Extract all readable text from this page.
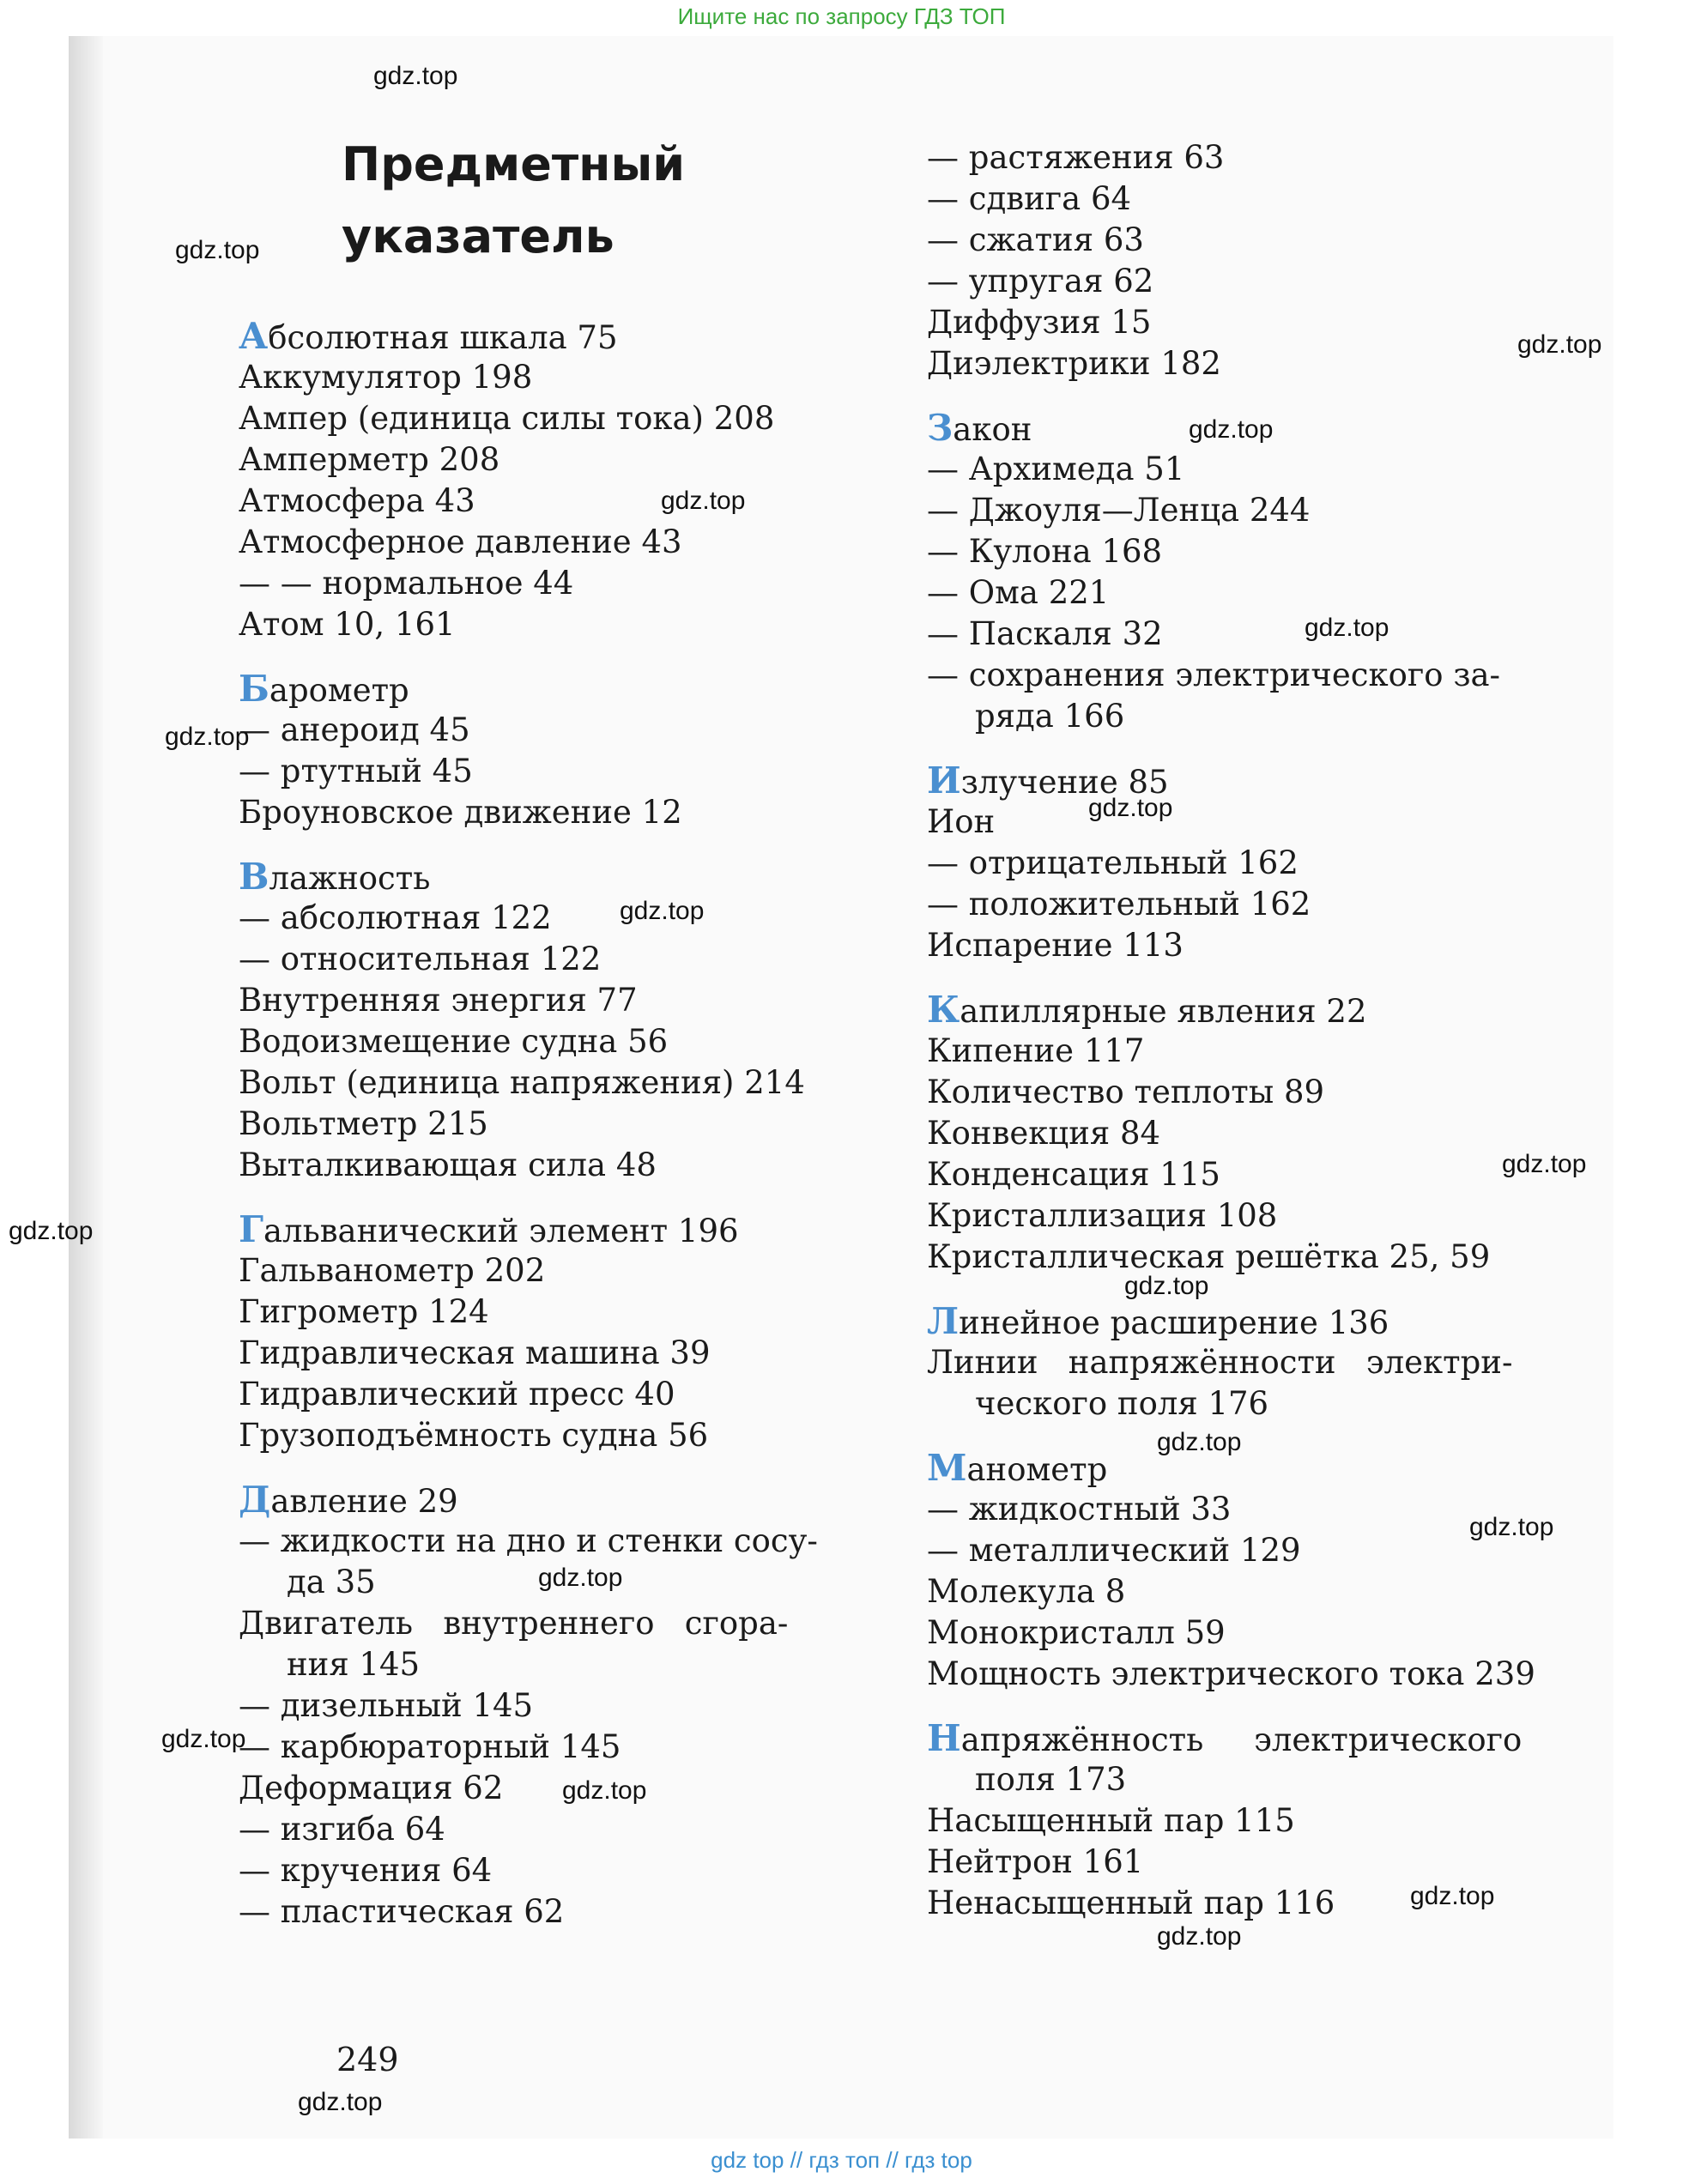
Ищите нас по запросу ГДЗ ТОП
Предметный
указатель
Абсолютная шкала 75
Аккумулятор 198
Ампер (единица силы тока) 208
Амперметр 208
Атмосфера 43
Атмосферное давление 43
— — нормальное 44
Атом 10, 161
Барометр
— анероид 45
— ртутный 45
Броуновское движение 12
Влажность
— абсолютная 122
— относительная 122
Внутренняя энергия 77
Водоизмещение судна 56
Вольт (единица напряжения) 214
Вольтметр 215
Выталкивающая сила 48
Гальванический элемент 196
Гальванометр 202
Гигрометр 124
Гидравлическая машина 39
Гидравлический пресс 40
Грузоподъёмность судна 56
Давление 29
— жидкости на дно и стенки сосу-
да 35
Двигатель   внутреннего   сгора-
ния 145
— дизельный 145
— карбюраторный 145
Деформация 62
— изгиба 64
— кручения 64
— пластическая 62
— растяжения 63
— сдвига 64
— сжатия 63
— упругая 62
Диффузия 15
Диэлектрики 182
Закон
— Архимеда 51
— Джоуля—Ленца 244
— Кулона 168
— Ома 221
— Паскаля 32
— сохранения электрического за-
ряда 166
Излучение 85
Ион
— отрицательный 162
— положительный 162
Испарение 113
Капиллярные явления 22
Кипение 117
Количество теплоты 89
Конвекция 84
Конденсация 115
Кристаллизация 108
Кристаллическая решётка 25, 59
Линейное расширение 136
Линии   напряжённости   электри-
ческого поля 176
Манометр
— жидкостный 33
— металлический 129
Молекула 8
Монокристалл 59
Мощность электрического тока 239
Напряжённость     электрического
поля 173
Насыщенный пар 115
Нейтрон 161
Ненасыщенный пар 116
249
gdz.top
gdz.top
gdz.top
gdz.top
gdz.top
gdz.top
gdz.top
gdz.top
gdz.top
gdz.top
gdz.top
gdz.top
gdz.top
gdz.top
gdz.top
gdz.top
gdz.top
gdz.top
gdz.top
gdz.top
gdz top // гдз топ // гдз top
